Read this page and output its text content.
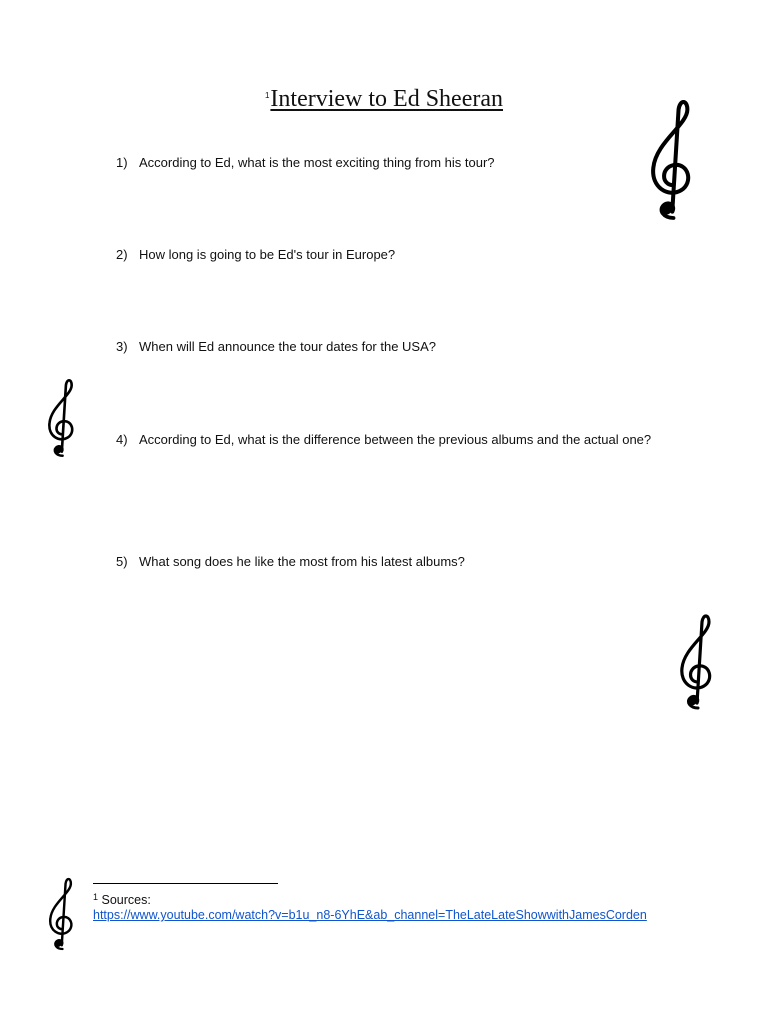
$^1$Interview to Ed Sheeran
1) According to Ed, what is the most exciting thing from his tour?
2) How long is going to be Ed's tour in Europe?
3) When will Ed announce the tour dates for the USA?
4) According to Ed, what is the difference between the previous albums and the actual one?
5) What song does he like the most from his latest albums?
$^1$ Sources:
https://www.youtube.com/watch?v=b1u_n8-6YhE&ab_channel=TheLateLateShowwithJamesCorden
